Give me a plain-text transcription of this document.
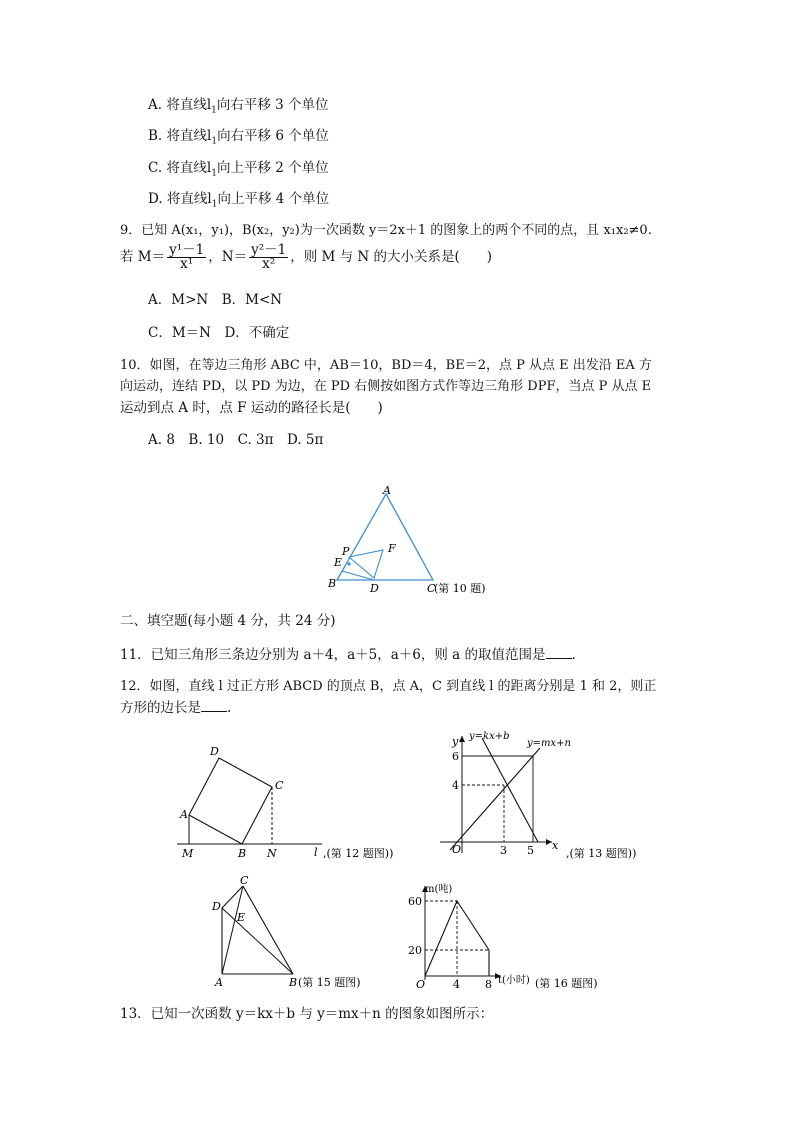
A. 将直线$l_1$向右平移 3 个单位
B. 将直线$l_1$向右平移 6 个单位
C. 将直线$l_1$向上平移 2 个单位
D. 将直线$l_1$向上平移 4 个单位
9．已知 A(x₁，y₁)，B(x₂，y₂)为一次函数 y＝2x＋1 的图象上的两个不同的点，且 x₁x₂≠0.
若 $M= \frac{\text{y¹－1}}{\text{x¹}}$ ，$N= \frac{\text{y²－1}}{\text{x²}}$ ，则 M 与 N 的大小关系是(　　)
A．M>N　B．M<N
C．M＝N　D．不确定
10．如图，在等边三角形 ABC 中，AB＝10，BD＝4，BE＝2，点 P 从点 E 出发沿 EA 方
向运动，连结 PD，以 PD 为边，在 PD 右侧按如图方式作等边三角形 DPF，当点 P 从点 E
运动到点 A 时，点 F 运动的路径长是(　　)
A. 8　B. 10　C. 3π　D. 5π
A
B	C
D
E
P	F
(第 10 题)
二、填空题(每小题 4 分，共 24 分)
11．已知三角形三条边分别为 a＋4，a＋5，a＋6，则 a 的取值范围是 .
12．如图，直线 l 过正方形 ABCD 的顶点 B，点 A，C 到直线 l 的距离分别是 1 和 2，则正
方形的边长是 .
D
C
A
M	B N	l ,(第 12 题图))
y=kx+b
y=mx+n
y
x
O
6
4
3 5	,(第 13 题图))
C
D
E
A	B (第 15 题图)
m(吨)
t(小时)
O
60
20
4 8	(第 16 题图)
13．已知一次函数 y＝kx＋b 与 y＝mx＋n 的图象如图所示：
